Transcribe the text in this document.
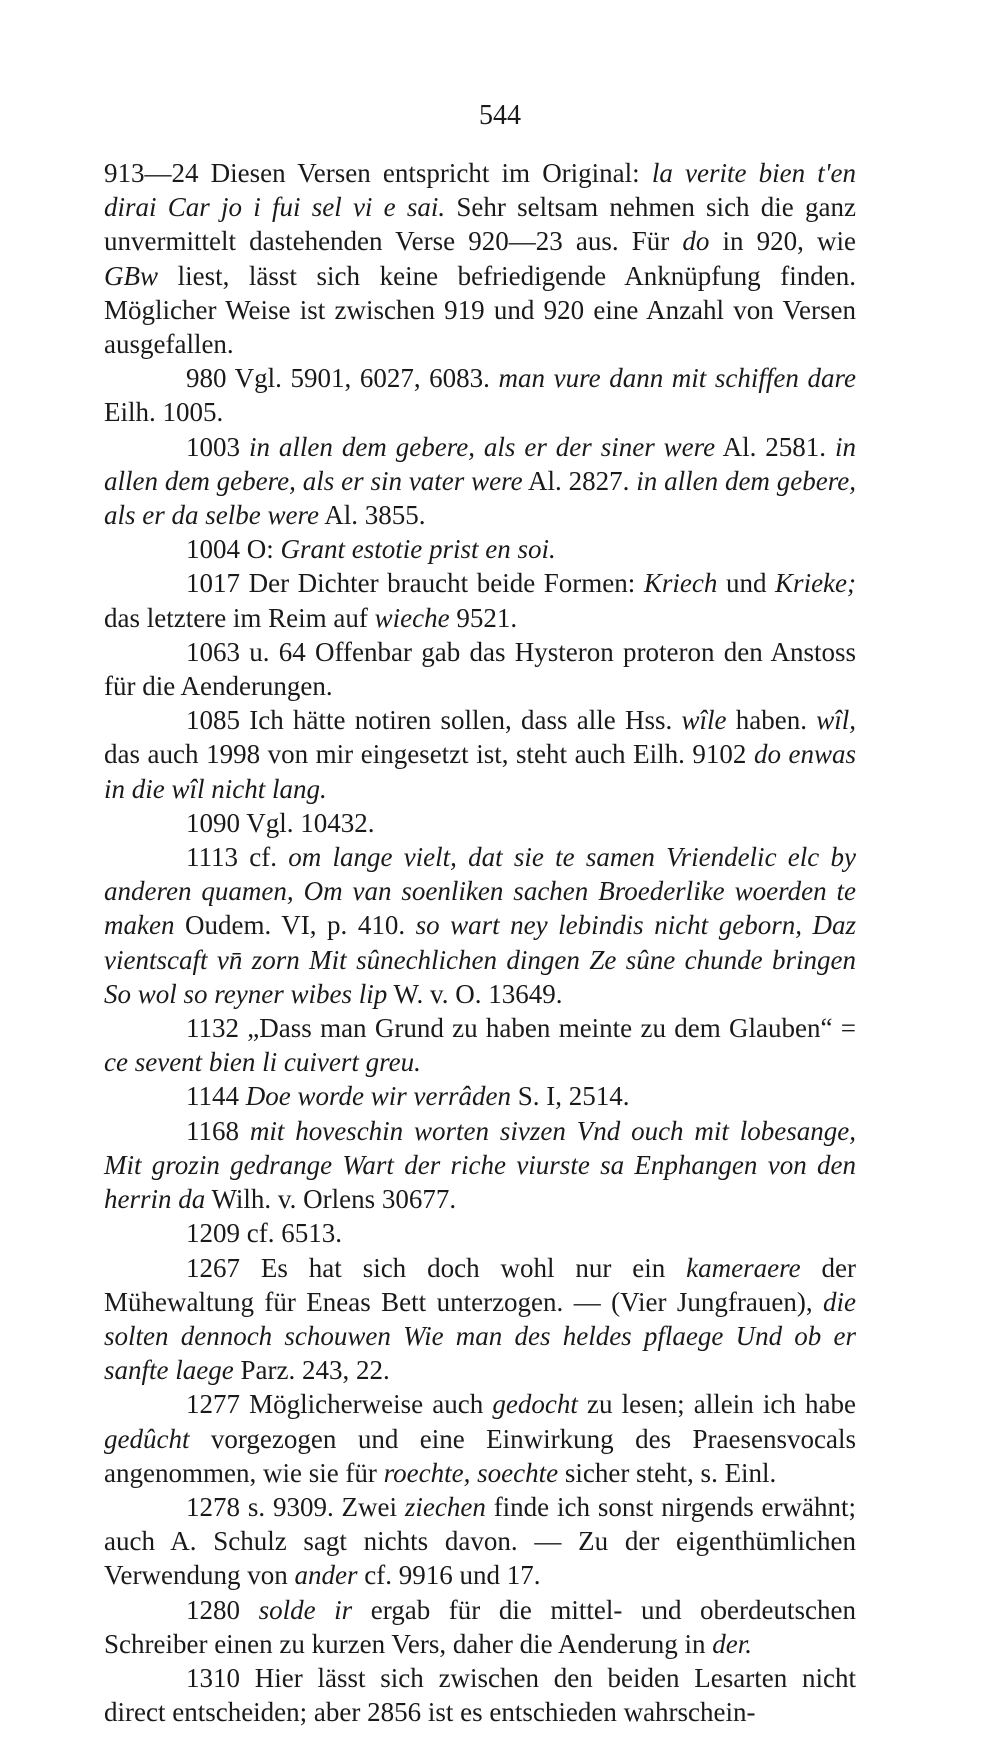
544

913—24 Diesen Versen entspricht im Original: la verite bien t'en dirai Car jo i fui sel vi e sai. Sehr seltsam nehmen sich die ganz unvermittelt dastehenden Verse 920—23 aus. Für do in 920, wie GBw liest, lässt sich keine befriedigende Anknüpfung finden. Möglicher Weise ist zwischen 919 und 920 eine Anzahl von Versen ausgefallen.

980 Vgl. 5901, 6027, 6083. man vure dann mit schiffen dare Eilh. 1005.

1003 in allen dem gebere, als er der siner were Al. 2581. in allen dem gebere, als er sin vater were Al. 2827. in allen dem gebere, als er da selbe were Al. 3855.

1004 O: Grant estotie prist en soi.

1017 Der Dichter braucht beide Formen: Kriech und Krieke; das letztere im Reim auf wieche 9521.

1063 u. 64 Offenbar gab das Hysteron proteron den Anstoss für die Aenderungen.

1085 Ich hätte notiren sollen, dass alle Hss. wîle haben. wîl, das auch 1998 von mir eingesetzt ist, steht auch Eilh. 9102 do enwas in die wîl nicht lang.

1090 Vgl. 10432.

1113 cf. om lange vielt, dat sie te samen Vriendelic elc by anderen quamen, Om van soenliken sachen Broederlike woerden te maken Oudem. VI, p. 410. so wart ney lebindis nicht geborn, Daz vientscaft vn̄ zorn Mit sûnechlichen dingen Ze sûne chunde bringen So wol so reyner wibes lip W. v. O. 13649.

1132 „Dass man Grund zu haben meinte zu dem Glauben“ = ce sevent bien li cuivert greu.

1144 Doe worde wir verrâden S. I, 2514.

1168 mit hoveschin worten sivzen Vnd ouch mit lobesange, Mit grozin gedrange Wart der riche viurste sa Enphangen von den herrin da Wilh. v. Orlens 30677.

1209 cf. 6513.

1267 Es hat sich doch wohl nur ein kameraere der Mühewaltung für Eneas Bett unterzogen. — (Vier Jungfrauen), die solten dennoch schouwen Wie man des heldes pflaege Und ob er sanfte laege Parz. 243, 22.

1277 Möglicherweise auch gedocht zu lesen; allein ich habe gedûcht vorgezogen und eine Einwirkung des Praesensvocals angenommen, wie sie für roechte, soechte sicher steht, s. Einl.

1278 s. 9309. Zwei ziechen finde ich sonst nirgends erwähnt; auch A. Schulz sagt nichts davon. — Zu der eigenthümlichen Verwendung von ander cf. 9916 und 17.

1280 solde ir ergab für die mittel- und oberdeutschen Schreiber einen zu kurzen Vers, daher die Aenderung in der.

1310 Hier lässt sich zwischen den beiden Lesarten nicht direct entscheiden; aber 2856 ist es entschieden wahrschein-
